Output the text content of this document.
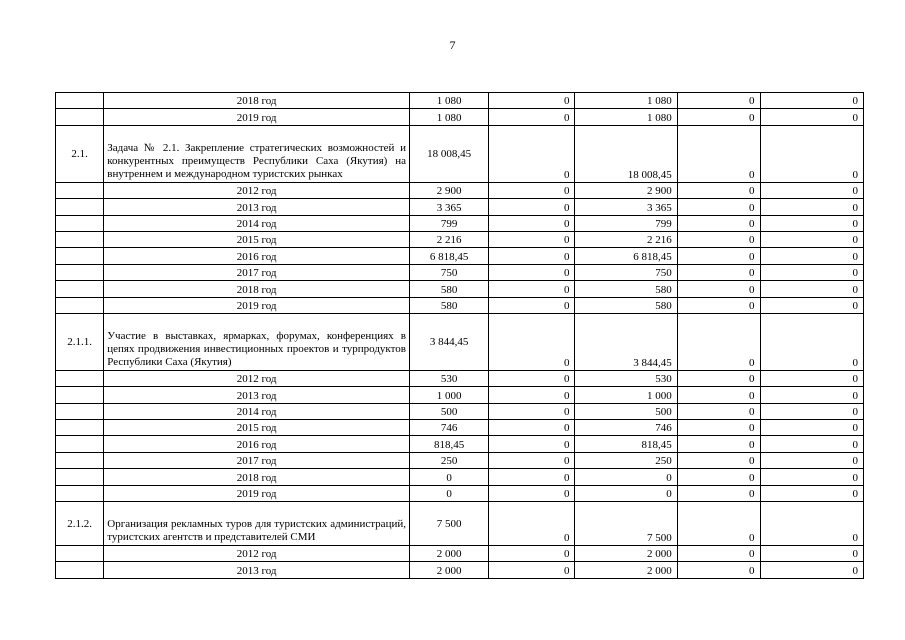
7
	2018 год	1 080	0	1 080	0	0
	2019 год	1 080	0	1 080	0	0
2.1.	Задача № 2.1. Закрепление стратегических возможностей и конкурентных преимуществ Республики Саха (Якутия) на внутреннем и международном туристских рынках	18 008,45	0	18 008,45	0	0
	2012 год	2 900	0	2 900	0	0
	2013 год	3 365	0	3 365	0	0
	2014 год	799	0	799	0	0
	2015 год	2 216	0	2 216	0	0
	2016 год	6 818,45	0	6 818,45	0	0
	2017 год	750	0	750	0	0
	2018 год	580	0	580	0	0
	2019 год	580	0	580	0	0
2.1.1.	Участие в выставках, ярмарках, форумах, конференциях в цепях продвижения инвестиционных проектов и турпродуктов Республики Саха (Якутия)	3 844,45	0	3 844,45	0	0
	2012 год	530	0	530	0	0
	2013 год	1 000	0	1 000	0	0
	2014 год	500	0	500	0	0
	2015 год	746	0	746	0	0
	2016 год	818,45	0	818,45	0	0
	2017 год	250	0	250	0	0
	2018 год	0	0	0	0	0
	2019 год	0	0	0	0	0
2.1.2.	Организация рекламных туров для туристских администраций, туристских агентств и представителей СМИ	7 500	0	7 500	0	0
	2012 год	2 000	0	2 000	0	0
	2013 год	2 000	0	2 000	0	0
